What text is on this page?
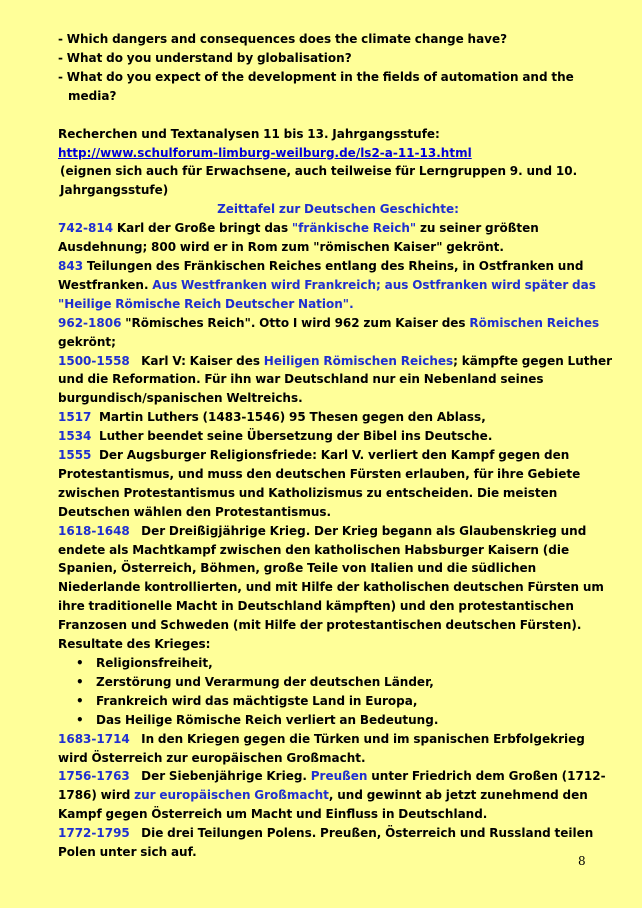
- Which dangers and consequences does the climate change have?

- What do you understand by globalisation?

- What do you expect of the development in the fields of automation and the media?

Recherchen und Textanalysen 11 bis 13. Jahrgangsstufe:

http://www.schulforum-limburg-weilburg.de/ls2-a-11-13.html

(eignen sich auch für Erwachsene, auch teilweise für Lerngruppen 9. und 10. Jahrgangsstufe)

Zeittafel zur Deutschen Geschichte:

742-814 Karl der Große bringt das "fränkische Reich" zu seiner größten Ausdehnung; 800 wird er in Rom zum "römischen Kaiser" gekrönt.

843 Teilungen des Fränkischen Reiches entlang des Rheins, in Ostfranken und Westfranken. Aus Westfranken wird Frankreich; aus Ostfranken wird später das "Heilige Römische Reich Deutscher Nation".

962-1806 "Römisches Reich". Otto I wird 962 zum Kaiser des Römischen Reiches gekrönt;

1500-1558   Karl V: Kaiser des Heiligen Römischen Reiches; kämpfte gegen Luther und die Reformation. Für ihn war Deutschland nur ein Nebenland seines burgundisch/spanischen Weltreichs.

1517  Martin Luthers (1483-1546) 95 Thesen gegen den Ablass,

1534  Luther beendet seine Übersetzung der Bibel ins Deutsche.

1555  Der Augsburger Religionsfriede: Karl V. verliert den Kampf gegen den Protestantismus, und muss den deutschen Fürsten erlauben, für ihre Gebiete zwischen Protestantismus und Katholizismus zu entscheiden. Die meisten Deutschen wählen den Protestantismus.

1618-1648   Der Dreißigjährige Krieg. Der Krieg begann als Glaubenskrieg und endete als Machtkampf zwischen den katholischen Habsburger Kaisern (die Spanien, Österreich, Böhmen, große Teile von Italien und die südlichen Niederlande kontrollierten, und mit Hilfe der katholischen deutschen Fürsten um ihre traditionelle Macht in Deutschland kämpften) und den protestantischen Franzosen und Schweden (mit Hilfe der protestantischen deutschen Fürsten).

Resultate des Krieges:

• Religionsfreiheit,
• Zerstörung und Verarmung der deutschen Länder,
• Frankreich wird das mächtigste Land in Europa,
• Das Heilige Römische Reich verliert an Bedeutung.

1683-1714   In den Kriegen gegen die Türken und im spanischen Erbfolgekrieg wird Österreich zur europäischen Großmacht.

1756-1763   Der Siebenjährige Krieg. Preußen unter Friedrich dem Großen (1712-1786) wird zur europäischen Großmacht, und gewinnt ab jetzt zunehmend den Kampf gegen Österreich um Macht und Einfluss in Deutschland.

1772-1795   Die drei Teilungen Polens. Preußen, Österreich und Russland teilen Polen unter sich auf.

8
